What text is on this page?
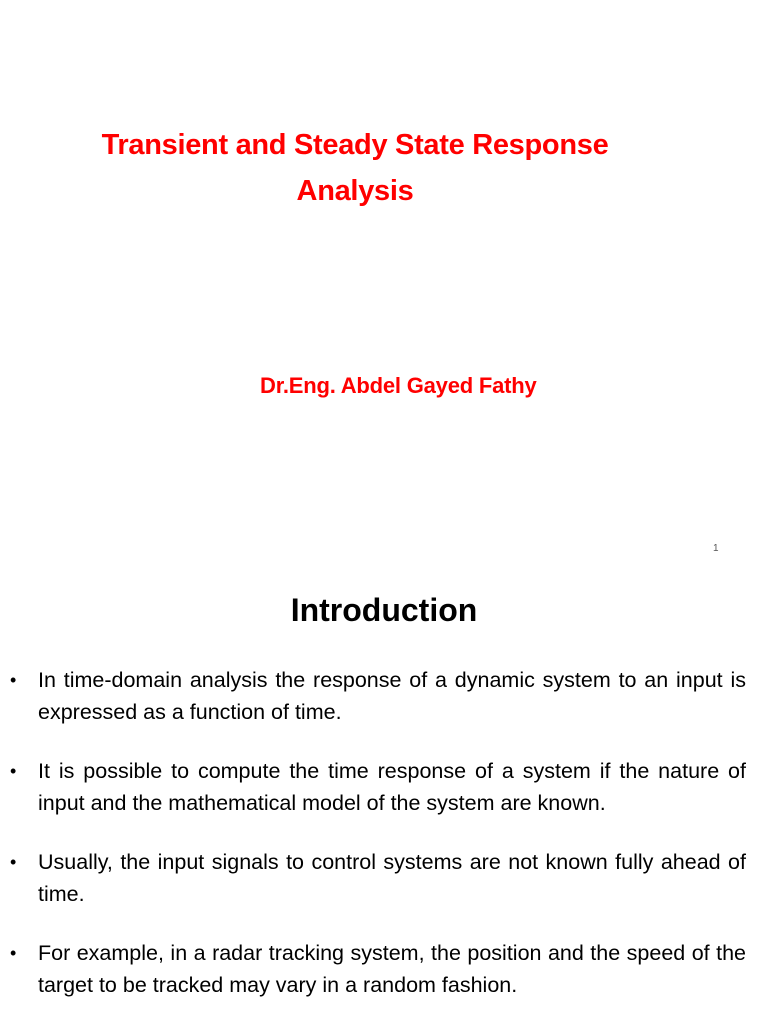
Transient and Steady State Response Analysis
Dr.Eng. Abdel Gayed Fathy
1
Introduction
• In time-domain analysis the response of a dynamic system to an input is expressed as a function of time.
• It is possible to compute the time response of a system if the nature of input and the mathematical model of the system are known.
• Usually, the input signals to control systems are not known fully ahead of time.
• For example, in a radar tracking system, the position and the speed of the target to be tracked may vary in a random fashion.
